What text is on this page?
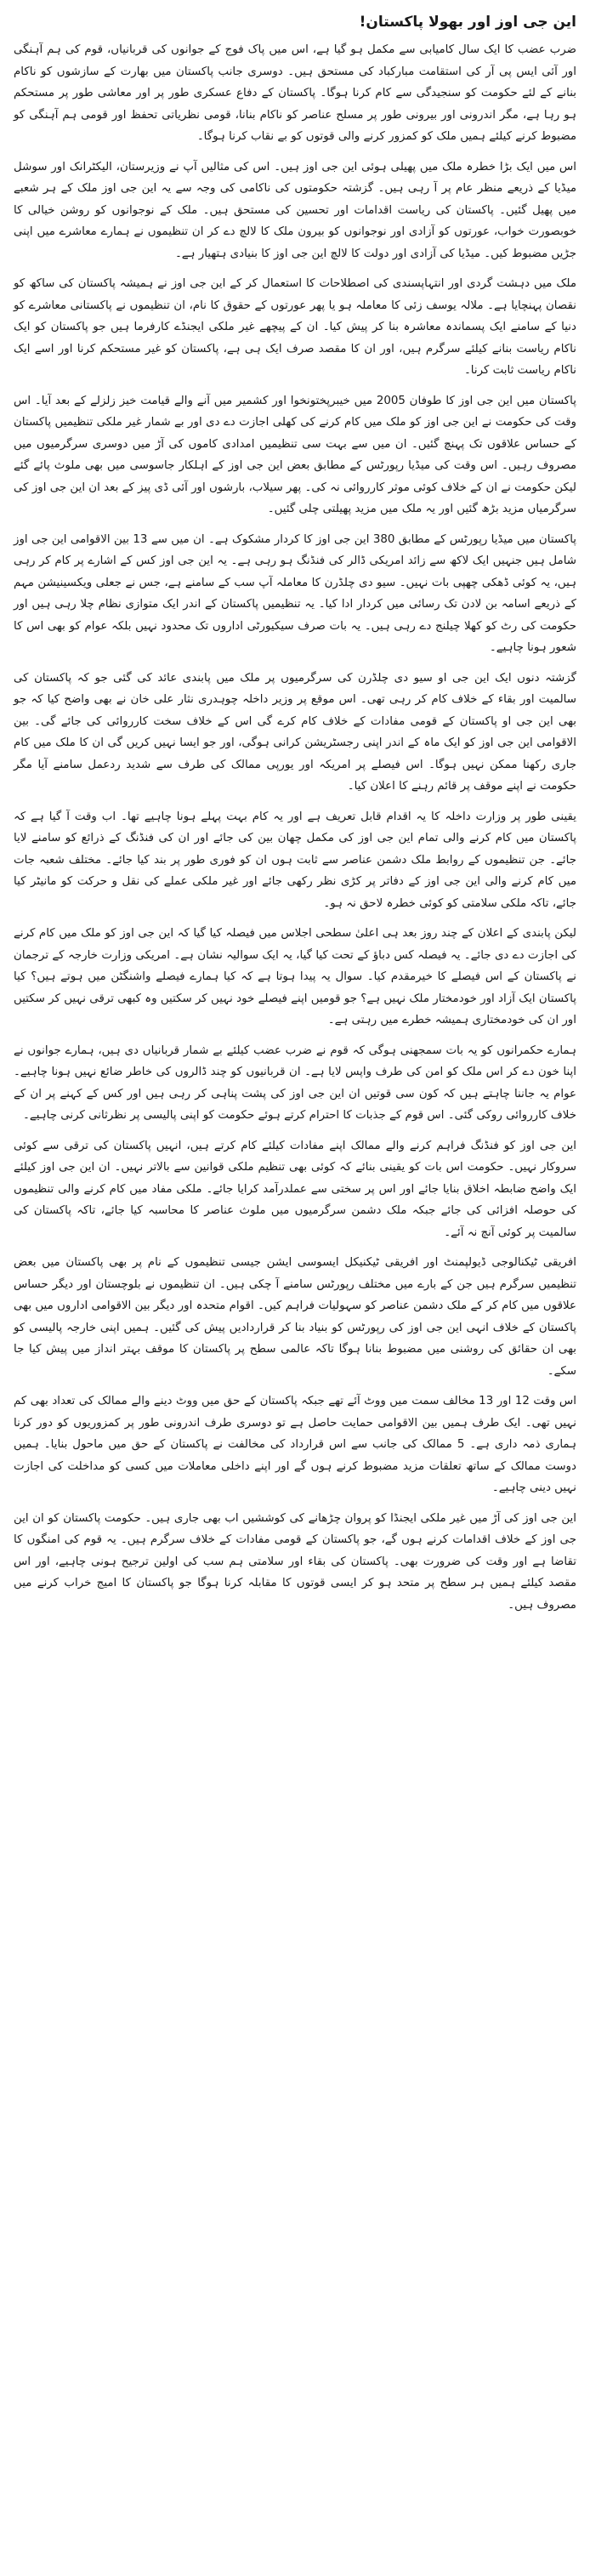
این جی اوز اور بھولا پاکستان!

ضرب عضب کا ایک سال کامیابی سے مکمل ہو گیا ہے، اس میں پاک فوج کے جوانوں کی قربانیاں، قوم کی ہم آہنگی اور آئی ایس پی آر کی استقامت مبارکباد کی مستحق ہیں۔ دوسری جانب پاکستان میں بھارت کے سازشوں کو ناکام بنانے کے لئے حکومت کو سنجیدگی سے کام کرنا ہوگا۔ پاکستان کے دفاع عسکری طور پر اور معاشی طور پر مستحکم ہو رہا ہے، مگر اندرونی اور بیرونی طور پر مسلح عناصر کو ناکام بنانا، قومی نظریاتی تحفظ اور قومی ہم آہنگی کو مضبوط کرنے کیلئے ہمیں ملک کو کمزور کرنے والی قوتوں کو بے نقاب کرنا ہوگا۔

اس میں ایک بڑا خطرہ ملک میں پھیلی ہوئی این جی اوز ہیں۔ اس کی مثالیں آپ نے وزیرستان، الیکٹرانک اور سوشل میڈیا کے ذریعے منظر عام پر آ رہی ہیں۔ گزشتہ حکومتوں کی ناکامی کی وجہ سے یہ این جی اوز ملک کے ہر شعبے میں پھیل گئیں۔ پاکستان کی ریاست اقدامات اور تحسین کی مستحق ہیں۔ ملک کے نوجوانوں کو روشن خیالی کا خوبصورت خواب، عورتوں کو آزادی اور نوجوانوں کو بیرون ملک کا لالچ دے کر ان تنظیموں نے ہمارے معاشرے میں اپنی جڑیں مضبوط کیں۔ میڈیا کی آزادی اور دولت کا لالچ این جی اوز کا بنیادی ہتھیار ہے۔

ملک میں دہشت گردی اور انتہاپسندی کی اصطلاحات کا استعمال کر کے این جی اوز نے ہمیشہ پاکستان کی ساکھ کو نقصان پہنچایا ہے۔ ملالہ یوسف زئی کا معاملہ ہو یا پھر عورتوں کے حقوق کا نام، ان تنظیموں نے پاکستانی معاشرے کو دنیا کے سامنے ایک پسماندہ معاشرہ بنا کر پیش کیا۔ ان کے پیچھے غیر ملکی ایجنڈے کارفرما ہیں جو پاکستان کو ایک ناکام ریاست بنانے کیلئے سرگرم ہیں، اور ان کا مقصد صرف ایک ہی ہے، پاکستان کو غیر مستحکم کرنا اور اسے ایک ناکام ریاست ثابت کرنا۔

پاکستان میں این جی اوز کا طوفان 2005 میں خیبرپختونخوا اور کشمیر میں آنے والے قیامت خیز زلزلے کے بعد آیا۔ اس وقت کی حکومت نے این جی اوز کو ملک میں کام کرنے کی کھلی اجازت دے دی اور بے شمار غیر ملکی تنظیمیں پاکستان کے حساس علاقوں تک پہنچ گئیں۔ ان میں سے بہت سی تنظیمیں امدادی کاموں کی آڑ میں دوسری سرگرمیوں میں مصروف رہیں۔ اس وقت کی میڈیا رپورٹس کے مطابق بعض این جی اوز کے اہلکار جاسوسی میں بھی ملوث پائے گئے لیکن حکومت نے ان کے خلاف کوئی موثر کارروائی نہ کی۔ پھر سیلاب، بارشوں اور آئی ڈی پیز کے بعد ان این جی اوز کی سرگرمیاں مزید بڑھ گئیں اور یہ ملک میں مزید پھیلتی چلی گئیں۔

پاکستان میں میڈیا رپورٹس کے مطابق 380 این جی اوز کا کردار مشکوک ہے۔ ان میں سے 13 بین الاقوامی این جی اوز شامل ہیں جنہیں ایک لاکھ سے زائد امریکی ڈالر کی فنڈنگ ہو رہی ہے۔ یہ این جی اوز کس کے اشارے پر کام کر رہی ہیں، یہ کوئی ڈھکی چھپی بات نہیں۔ سیو دی چلڈرن کا معاملہ آپ سب کے سامنے ہے، جس نے جعلی ویکسینیشن مہم کے ذریعے اسامہ بن لادن تک رسائی میں کردار ادا کیا۔ یہ تنظیمیں پاکستان کے اندر ایک متوازی نظام چلا رہی ہیں اور حکومت کی رٹ کو کھلا چیلنج دے رہی ہیں۔ یہ بات صرف سیکیورٹی اداروں تک محدود نہیں بلکہ عوام کو بھی اس کا شعور ہونا چاہیے۔

گزشتہ دنوں ایک این جی او سیو دی چلڈرن کی سرگرمیوں پر ملک میں پابندی عائد کی گئی جو کہ پاکستان کی سالمیت اور بقاء کے خلاف کام کر رہی تھی۔ اس موقع پر وزیر داخلہ چوہدری نثار علی خان نے بھی واضح کیا کہ جو بھی این جی او پاکستان کے قومی مفادات کے خلاف کام کرے گی اس کے خلاف سخت کارروائی کی جائے گی۔ بین الاقوامی این جی اوز کو ایک ماہ کے اندر اپنی رجسٹریشن کرانی ہوگی، اور جو ایسا نہیں کریں گی ان کا ملک میں کام جاری رکھنا ممکن نہیں ہوگا۔ اس فیصلے پر امریکہ اور یورپی ممالک کی طرف سے شدید ردعمل سامنے آیا مگر حکومت نے اپنے موقف پر قائم رہنے کا اعلان کیا۔

یقینی طور پر وزارت داخلہ کا یہ اقدام قابل تعریف ہے اور یہ کام بہت پہلے ہونا چاہیے تھا۔ اب وقت آ گیا ہے کہ پاکستان میں کام کرنے والی تمام این جی اوز کی مکمل چھان بین کی جائے اور ان کی فنڈنگ کے ذرائع کو سامنے لایا جائے۔ جن تنظیموں کے روابط ملک دشمن عناصر سے ثابت ہوں ان کو فوری طور پر بند کیا جائے۔ مختلف شعبہ جات میں کام کرنے والی این جی اوز کے دفاتر پر کڑی نظر رکھی جائے اور غیر ملکی عملے کی نقل و حرکت کو مانیٹر کیا جائے، تاکہ ملکی سلامتی کو کوئی خطرہ لاحق نہ ہو۔

لیکن پابندی کے اعلان کے چند روز بعد ہی اعلیٰ سطحی اجلاس میں فیصلہ کیا گیا کہ این جی اوز کو ملک میں کام کرنے کی اجازت دے دی جائے۔ یہ فیصلہ کس دباؤ کے تحت کیا گیا، یہ ایک سوالیہ نشان ہے۔ امریکی وزارت خارجہ کے ترجمان نے پاکستان کے اس فیصلے کا خیرمقدم کیا۔ سوال یہ پیدا ہوتا ہے کہ کیا ہمارے فیصلے واشنگٹن میں ہوتے ہیں؟ کیا پاکستان ایک آزاد اور خودمختار ملک نہیں ہے؟ جو قومیں اپنے فیصلے خود نہیں کر سکتیں وہ کبھی ترقی نہیں کر سکتیں اور ان کی خودمختاری ہمیشہ خطرے میں رہتی ہے۔

ہمارے حکمرانوں کو یہ بات سمجھنی ہوگی کہ قوم نے ضرب عضب کیلئے بے شمار قربانیاں دی ہیں، ہمارے جوانوں نے اپنا خون دے کر اس ملک کو امن کی طرف واپس لایا ہے۔ ان قربانیوں کو چند ڈالروں کی خاطر ضائع نہیں ہونا چاہیے۔ عوام یہ جاننا چاہتے ہیں کہ کون سی قوتیں ان این جی اوز کی پشت پناہی کر رہی ہیں اور کس کے کہنے پر ان کے خلاف کارروائی روکی گئی۔ اس قوم کے جذبات کا احترام کرتے ہوئے حکومت کو اپنی پالیسی پر نظرثانی کرنی چاہیے۔

این جی اوز کو فنڈنگ فراہم کرنے والے ممالک اپنے مفادات کیلئے کام کرتے ہیں، انہیں پاکستان کی ترقی سے کوئی سروکار نہیں۔ حکومت اس بات کو یقینی بنائے کہ کوئی بھی تنظیم ملکی قوانین سے بالاتر نہیں۔ ان این جی اوز کیلئے ایک واضح ضابطہ اخلاق بنایا جائے اور اس پر سختی سے عملدرآمد کرایا جائے۔ ملکی مفاد میں کام کرنے والی تنظیموں کی حوصلہ افزائی کی جائے جبکہ ملک دشمن سرگرمیوں میں ملوث عناصر کا محاسبہ کیا جائے، تاکہ پاکستان کی سالمیت پر کوئی آنچ نہ آئے۔

افریقی ٹیکنالوجی ڈیولپمنٹ اور افریقی ٹیکنیکل ایسوسی ایشن جیسی تنظیموں کے نام پر بھی پاکستان میں بعض تنظیمیں سرگرم ہیں جن کے بارے میں مختلف رپورٹس سامنے آ چکی ہیں۔ ان تنظیموں نے بلوچستان اور دیگر حساس علاقوں میں کام کر کے ملک دشمن عناصر کو سہولیات فراہم کیں۔ اقوام متحدہ اور دیگر بین الاقوامی اداروں میں بھی پاکستان کے خلاف انہی این جی اوز کی رپورٹس کو بنیاد بنا کر قراردادیں پیش کی گئیں۔ ہمیں اپنی خارجہ پالیسی کو بھی ان حقائق کی روشنی میں مضبوط بنانا ہوگا تاکہ عالمی سطح پر پاکستان کا موقف بہتر انداز میں پیش کیا جا سکے۔

اس وقت 12 اور 13 مخالف سمت میں ووٹ آئے تھے جبکہ پاکستان کے حق میں ووٹ دینے والے ممالک کی تعداد بھی کم نہیں تھی۔ ایک طرف ہمیں بین الاقوامی حمایت حاصل ہے تو دوسری طرف اندرونی طور پر کمزوریوں کو دور کرنا ہماری ذمہ داری ہے۔ 5 ممالک کی جانب سے اس قرارداد کی مخالفت نے پاکستان کے حق میں ماحول بنایا۔ ہمیں دوست ممالک کے ساتھ تعلقات مزید مضبوط کرنے ہوں گے اور اپنے داخلی معاملات میں کسی کو مداخلت کی اجازت نہیں دینی چاہیے۔

این جی اوز کی آڑ میں غیر ملکی ایجنڈا کو پروان چڑھانے کی کوششیں اب بھی جاری ہیں۔ حکومت پاکستان کو ان این جی اوز کے خلاف اقدامات کرنے ہوں گے، جو پاکستان کے قومی مفادات کے خلاف سرگرم ہیں۔ یہ قوم کی امنگوں کا تقاضا ہے اور وقت کی ضرورت بھی۔ پاکستان کی بقاء اور سلامتی ہم سب کی اولین ترجیح ہونی چاہیے، اور اس مقصد کیلئے ہمیں ہر سطح پر متحد ہو کر ایسی قوتوں کا مقابلہ کرنا ہوگا جو پاکستان کا امیج خراب کرنے میں مصروف ہیں۔
